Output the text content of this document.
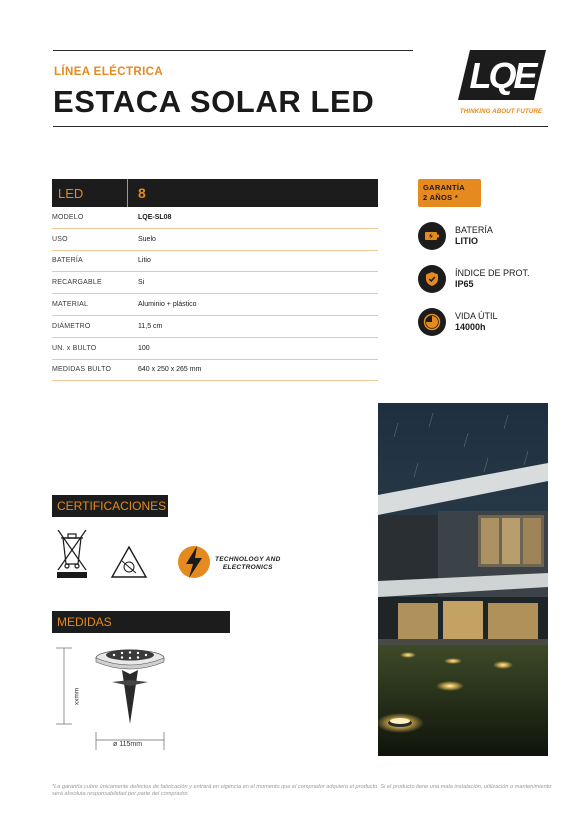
LÍNEA ELÉCTRICA
ESTACA SOLAR LED
LQE
THINKING ABOUT FUTURE
LED	8
MODELO	LQE-SL08
USO	Suelo
BATERÍA	Litio
RECARGABLE	Si
MATERIAL	Aluminio + plástico
DIÁMETRO	11,5 cm
UN. x BULTO	100
MEDIDAS BULTO	640 x 250 x 265 mm
GARANTÍA
2 AÑOS *
BATERÍA
LITIO
ÍNDICE DE PROT.
IP65
VIDA ÚTIL
14000h
CERTIFICACIONES
TECHNOLOGY AND
ELECTRONICS
MEDIDAS
xxmm
ø 115mm
*La garantía cubre únicamente defectos de fabricación y entrará en vigencia en el momento que el comprador adquiera el producto. Si el producto tiene una mala instalación, utilización o mantenimiento será absoluta responsabilidad por parte del comprador.
